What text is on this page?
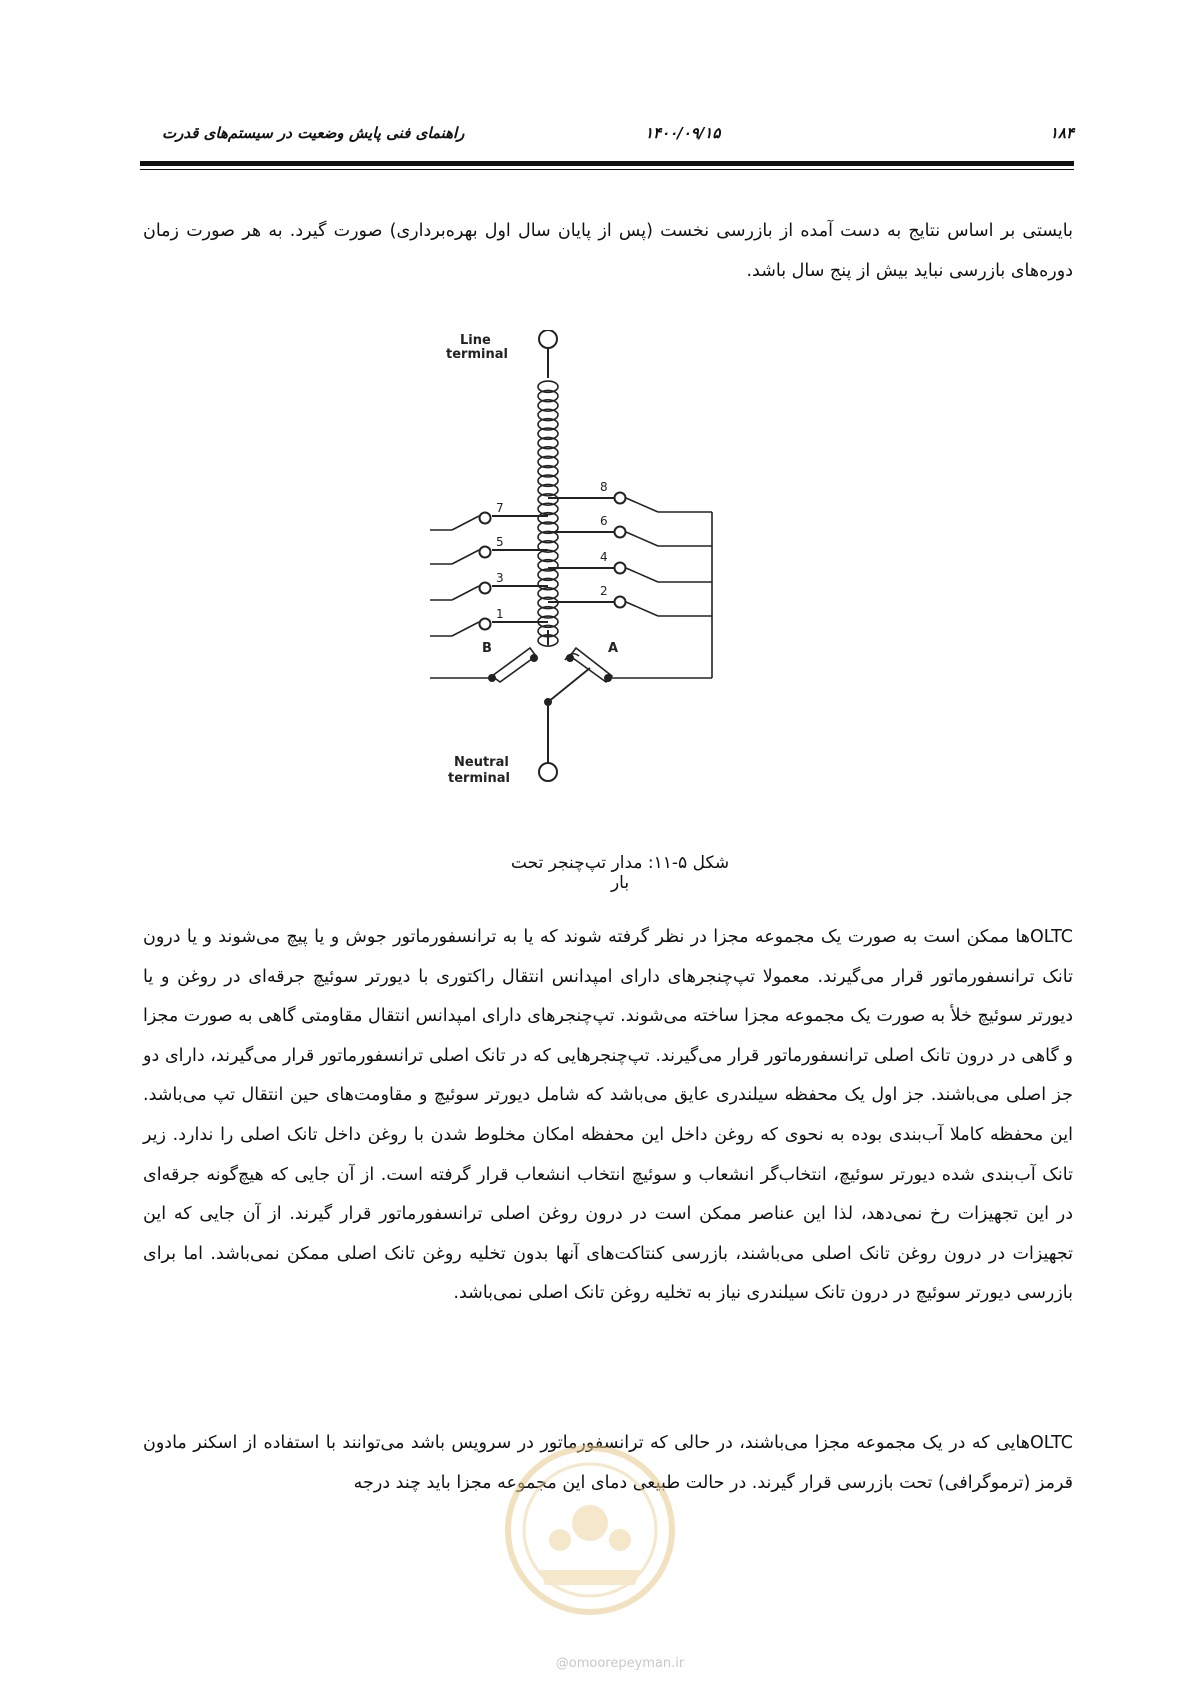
۱۸۴
۱۴۰۰/۰۹/۱۵
راهنمای فنی پایش وضعیت در سیستم‌های قدرت
بایستی بر اساس نتایج به دست آمده از بازرسی نخست (پس از پایان سال اول بهره‌برداری) صورت گیرد. به هر صورت زمان دوره‌های بازرسی نباید بیش از پنج سال باشد.
Line
terminal
7
5
3
1
8
6
4
2
B	A
Neutral
terminal
شکل ۵-۱۱: مدار تپ‌چنجر تحت بار
OLTCها ممکن است به صورت یک مجموعه مجزا در نظر گرفته شوند که یا به ترانسفورماتور جوش و یا پیچ می‌شوند و یا درون تانک ترانسفورماتور قرار می‌گیرند. معمولا تپ‌چنجرهای دارای امپدانس انتقال راکتوری با دیورتر سوئیچ جرقه‌ای در روغن و یا دیورتر سوئیچ خلأ به صورت یک مجموعه مجزا ساخته می‌شوند. تپ‌چنجرهای دارای امپدانس انتقال مقاومتی گاهی به صورت مجزا و گاهی در درون تانک اصلی ترانسفورماتور قرار می‌گیرند. تپ‌چنجرهایی که در تانک اصلی ترانسفورماتور قرار می‌گیرند، دارای دو جز اصلی می‌باشند. جز اول یک محفظه سیلندری عایق می‌باشد که شامل دیورتر سوئیچ و مقاومت‌های حین انتقال تپ می‌باشد. این محفظه کاملا آب‌بندی بوده به نحوی که روغن داخل این محفظه امکان مخلوط شدن با روغن داخل تانک اصلی را ندارد. زیر تانک آب‌بندی شده دیورتر سوئیچ، انتخاب‌گر انشعاب و سوئیچ انتخاب انشعاب قرار گرفته است. از آن جایی که هیچ‌گونه جرقه‌ای در این تجهیزات رخ نمی‌دهد، لذا این عناصر ممکن است در درون روغن اصلی ترانسفورماتور قرار گیرند. از آن جایی که این تجهیزات در درون روغن تانک اصلی می‌باشند، بازرسی کنتاکت‌های آنها بدون تخلیه روغن تانک اصلی ممکن نمی‌باشد. اما برای بازرسی دیورتر سوئیچ در درون تانک سیلندری نیاز به تخلیه روغن تانک اصلی نمی‌باشد.
OLTCهایی که در یک مجموعه مجزا می‌باشند، در حالی که ترانسفورماتور در سرویس باشد می‌توانند با استفاده از اسکنر مادون قرمز (ترموگرافی) تحت بازرسی قرار گیرند. در حالت طبیعی دمای این مجموعه مجزا باید چند درجه
@omoorepeyman.ir
